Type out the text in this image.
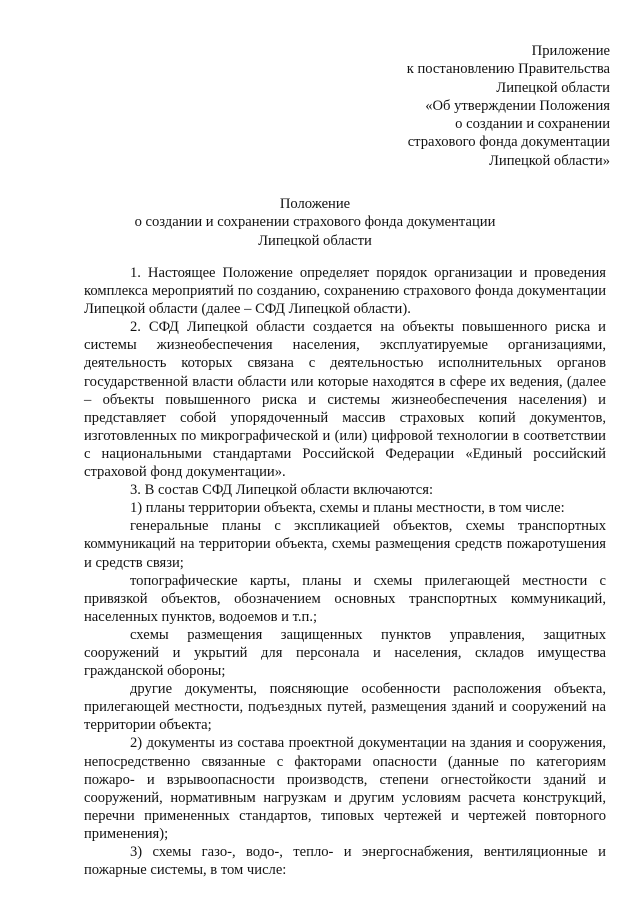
Приложение
к постановлению Правительства
Липецкой области
«Об утверждении Положения
о создании и сохранении
страхового фонда документации
Липецкой области»
Положение
о создании и сохранении страхового фонда документации
Липецкой области

1. Настоящее Положение определяет порядок организации и проведения комплекса мероприятий по созданию, сохранению страхового фонда документации Липецкой области (далее – СФД Липецкой области).

2. СФД Липецкой области создается на объекты повышенного риска и системы жизнеобеспечения населения, эксплуатируемые организациями, деятельность которых связана с деятельностью исполнительных органов государственной власти области или которые находятся в сфере их ведения, (далее – объекты повышенного риска и системы жизнеобеспечения населения) и представляет собой упорядоченный массив страховых копий документов, изготовленных по микрографической и (или) цифровой технологии в соответствии с национальными стандартами Российской Федерации «Единый российский страховой фонд документации».

3. В состав СФД Липецкой области включаются:

1) планы территории объекта, схемы и планы местности, в том числе:

генеральные планы с экспликацией объектов, схемы транспортных коммуникаций на территории объекта, схемы размещения средств пожаротушения и средств связи;

топографические карты, планы и схемы прилегающей местности с привязкой объектов, обозначением основных транспортных коммуникаций, населенных пунктов, водоемов и т.п.;

схемы размещения защищенных пунктов управления, защитных сооружений и укрытий для персонала и населения, складов имущества гражданской обороны;

другие документы, поясняющие особенности расположения объекта, прилегающей местности, подъездных путей, размещения зданий и сооружений на территории объекта;

2) документы из состава проектной документации на здания и сооружения, непосредственно связанные с факторами опасности (данные по категориям пожаро- и взрывоопасности производств, степени огнестойкости зданий и сооружений, нормативным нагрузкам и другим условиям расчета конструкций, перечни примененных стандартов, типовых чертежей и чертежей повторного применения);

3) схемы газо-, водо-, тепло- и энергоснабжения, вентиляционные и пожарные системы, в том числе:
